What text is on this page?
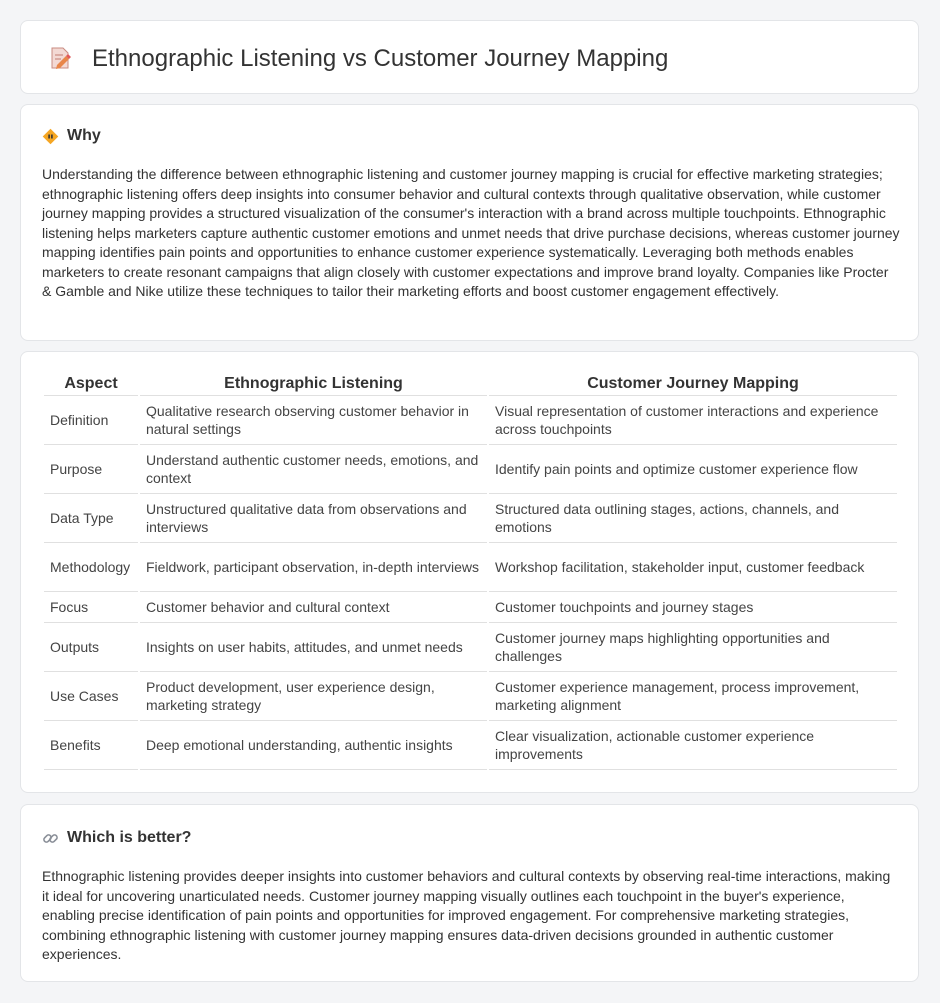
Ethnographic Listening vs Customer Journey Mapping
Why

Understanding the difference between ethnographic listening and customer journey mapping is crucial for effective marketing strategies; ethnographic listening offers deep insights into consumer behavior and cultural contexts through qualitative observation, while customer journey mapping provides a structured visualization of the consumer's interaction with a brand across multiple touchpoints. Ethnographic listening helps marketers capture authentic customer emotions and unmet needs that drive purchase decisions, whereas customer journey mapping identifies pain points and opportunities to enhance customer experience systematically. Leveraging both methods enables marketers to create resonant campaigns that align closely with customer expectations and improve brand loyalty. Companies like Procter & Gamble and Nike utilize these techniques to tailor their marketing efforts and boost customer engagement effectively.

Aspect	Ethnographic Listening	Customer Journey Mapping
Definition	Qualitative research observing customer behavior in natural settings	Visual representation of customer interactions and experience across touchpoints
Purpose	Understand authentic customer needs, emotions, and context	Identify pain points and optimize customer experience flow
Data Type	Unstructured qualitative data from observations and interviews	Structured data outlining stages, actions, channels, and emotions
Methodology	Fieldwork, participant observation, in-depth interviews	Workshop facilitation, stakeholder input, customer feedback
Focus	Customer behavior and cultural context	Customer touchpoints and journey stages
Outputs	Insights on user habits, attitudes, and unmet needs	Customer journey maps highlighting opportunities and challenges
Use Cases	Product development, user experience design, marketing strategy	Customer experience management, process improvement, marketing alignment
Benefits	Deep emotional understanding, authentic insights	Clear visualization, actionable customer experience improvements
Which is better?

Ethnographic listening provides deeper insights into customer behaviors and cultural contexts by observing real-time interactions, making it ideal for uncovering unarticulated needs. Customer journey mapping visually outlines each touchpoint in the buyer's experience, enabling precise identification of pain points and opportunities for improved engagement. For comprehensive marketing strategies, combining ethnographic listening with customer journey mapping ensures data-driven decisions grounded in authentic customer experiences.
